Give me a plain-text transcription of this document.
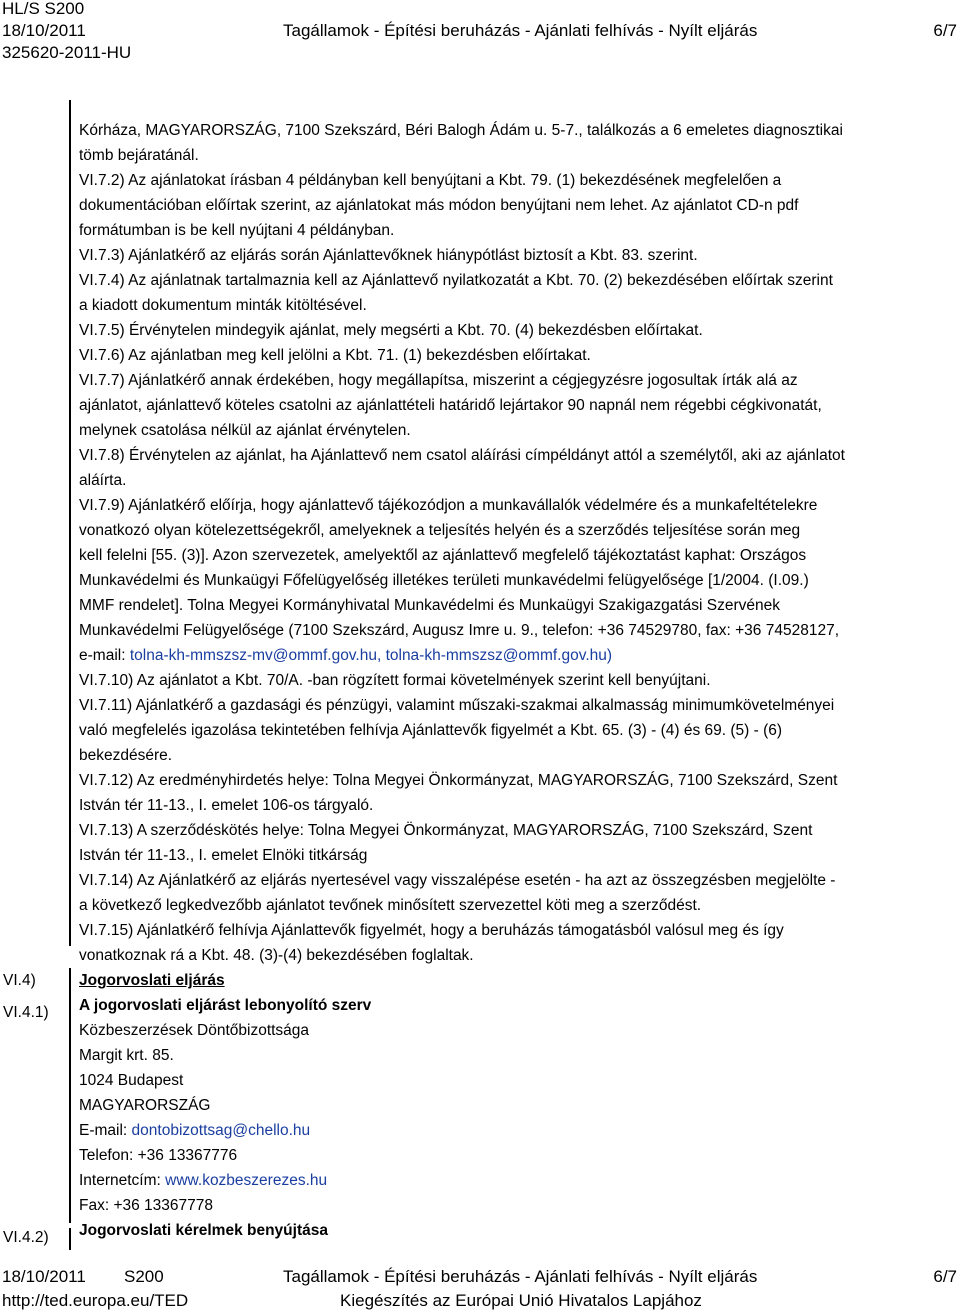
HL/S S200
18/10/2011
325620-2011-HU
Tagállamok - Építési beruházás - Ajánlati felhívás - Nyílt eljárás	6/7

Kórháza, MAGYARORSZÁG, 7100 Szekszárd, Béri Balogh Ádám u. 5-7., találkozás a 6 emeletes diagnosztikai

tömb bejáratánál.

VI.7.2) Az ajánlatokat írásban 4 példányban kell benyújtani a Kbt. 79. (1) bekezdésének megfelelően a

dokumentációban előírtak szerint, az ajánlatokat más módon benyújtani nem lehet. Az ajánlatot CD-n pdf

formátumban is be kell nyújtani 4 példányban.

VI.7.3) Ajánlatkérő az eljárás során Ajánlattevőknek hiánypótlást biztosít a Kbt. 83. szerint.

VI.7.4) Az ajánlatnak tartalmaznia kell az Ajánlattevő nyilatkozatát a Kbt. 70. (2) bekezdésében előírtak szerint

a kiadott dokumentum minták kitöltésével.

VI.7.5) Érvénytelen mindegyik ajánlat, mely megsérti a Kbt. 70. (4) bekezdésben előírtakat.

VI.7.6) Az ajánlatban meg kell jelölni a Kbt. 71. (1) bekezdésben előírtakat.

VI.7.7) Ajánlatkérő annak érdekében, hogy megállapítsa, miszerint a cégjegyzésre jogosultak írták alá az

ajánlatot, ajánlattevő köteles csatolni az ajánlattételi határidő lejártakor 90 napnál nem régebbi cégkivonatát,

melynek csatolása nélkül az ajánlat érvénytelen.

VI.7.8) Érvénytelen az ajánlat, ha Ajánlattevő nem csatol aláírási címpéldányt attól a személytől, aki az ajánlatot

aláírta.

VI.7.9) Ajánlatkérő előírja, hogy ajánlattevő tájékozódjon a munkavállalók védelmére és a munkafeltételekre

vonatkozó olyan kötelezettségekről, amelyeknek a teljesítés helyén és a szerződés teljesítése során meg

kell felelni [55. (3)]. Azon szervezetek, amelyektől az ajánlattevő megfelelő tájékoztatást kaphat: Országos

Munkavédelmi és Munkaügyi Főfelügyelőség illetékes területi munkavédelmi felügyelősége [1/2004. (I.09.)

MMF rendelet]. Tolna Megyei Kormányhivatal Munkavédelmi és Munkaügyi Szakigazgatási Szervének

Munkavédelmi Felügyelősége (7100 Szekszárd, Augusz Imre u. 9., telefon: +36 74529780, fax: +36 74528127,

e-mail: tolna-kh-mmszsz-mv@ommf.gov.hu, tolna-kh-mmszsz@ommf.gov.hu)

VI.7.10) Az ajánlatot a Kbt. 70/A. -ban rögzített formai követelmények szerint kell benyújtani.

VI.7.11) Ajánlatkérő a gazdasági és pénzügyi, valamint műszaki-szakmai alkalmasság minimumkövetelményei

való megfelelés igazolása tekintetében felhívja Ajánlattevők figyelmét a Kbt. 65. (3) - (4) és 69. (5) - (6)

bekezdésére.

VI.7.12) Az eredményhirdetés helye: Tolna Megyei Önkormányzat, MAGYARORSZÁG, 7100 Szekszárd, Szent

István tér 11-13., I. emelet 106-os tárgyaló.

VI.7.13) A szerződéskötés helye: Tolna Megyei Önkormányzat, MAGYARORSZÁG, 7100 Szekszárd, Szent

István tér 11-13., I. emelet Elnöki titkárság

VI.7.14) Az Ajánlatkérő az eljárás nyertesével vagy visszalépése esetén - ha azt az összegzésben megjelölte -

a következő legkedvezőbb ajánlatot tevőnek minősített szervezettel köti meg a szerződést.

VI.7.15) Ajánlatkérő felhívja Ajánlattevők figyelmét, hogy a beruházás támogatásból valósul meg és így

vonatkoznak rá a Kbt. 48. (3)-(4) bekezdésében foglaltak.

Jogorvoslati eljárás

A jogorvoslati eljárást lebonyolító szerv

Közbeszerzések Döntőbizottsága

Margit krt. 85.

1024 Budapest

MAGYARORSZÁG

E-mail: dontobizottsag@chello.hu

Telefon: +36 13367776

Internetcím: www.kozbeszerezes.hu

Fax: +36 13367778

Jogorvoslati kérelmek benyújtása

VI.4)
VI.4.1)
VI.4.2)
18/10/2011 S200
http://ted.europa.eu/TED
Tagállamok - Építési beruházás - Ajánlati felhívás - Nyílt eljárás
Kiegészítés az Európai Unió Hivatalos Lapjához
6/7
